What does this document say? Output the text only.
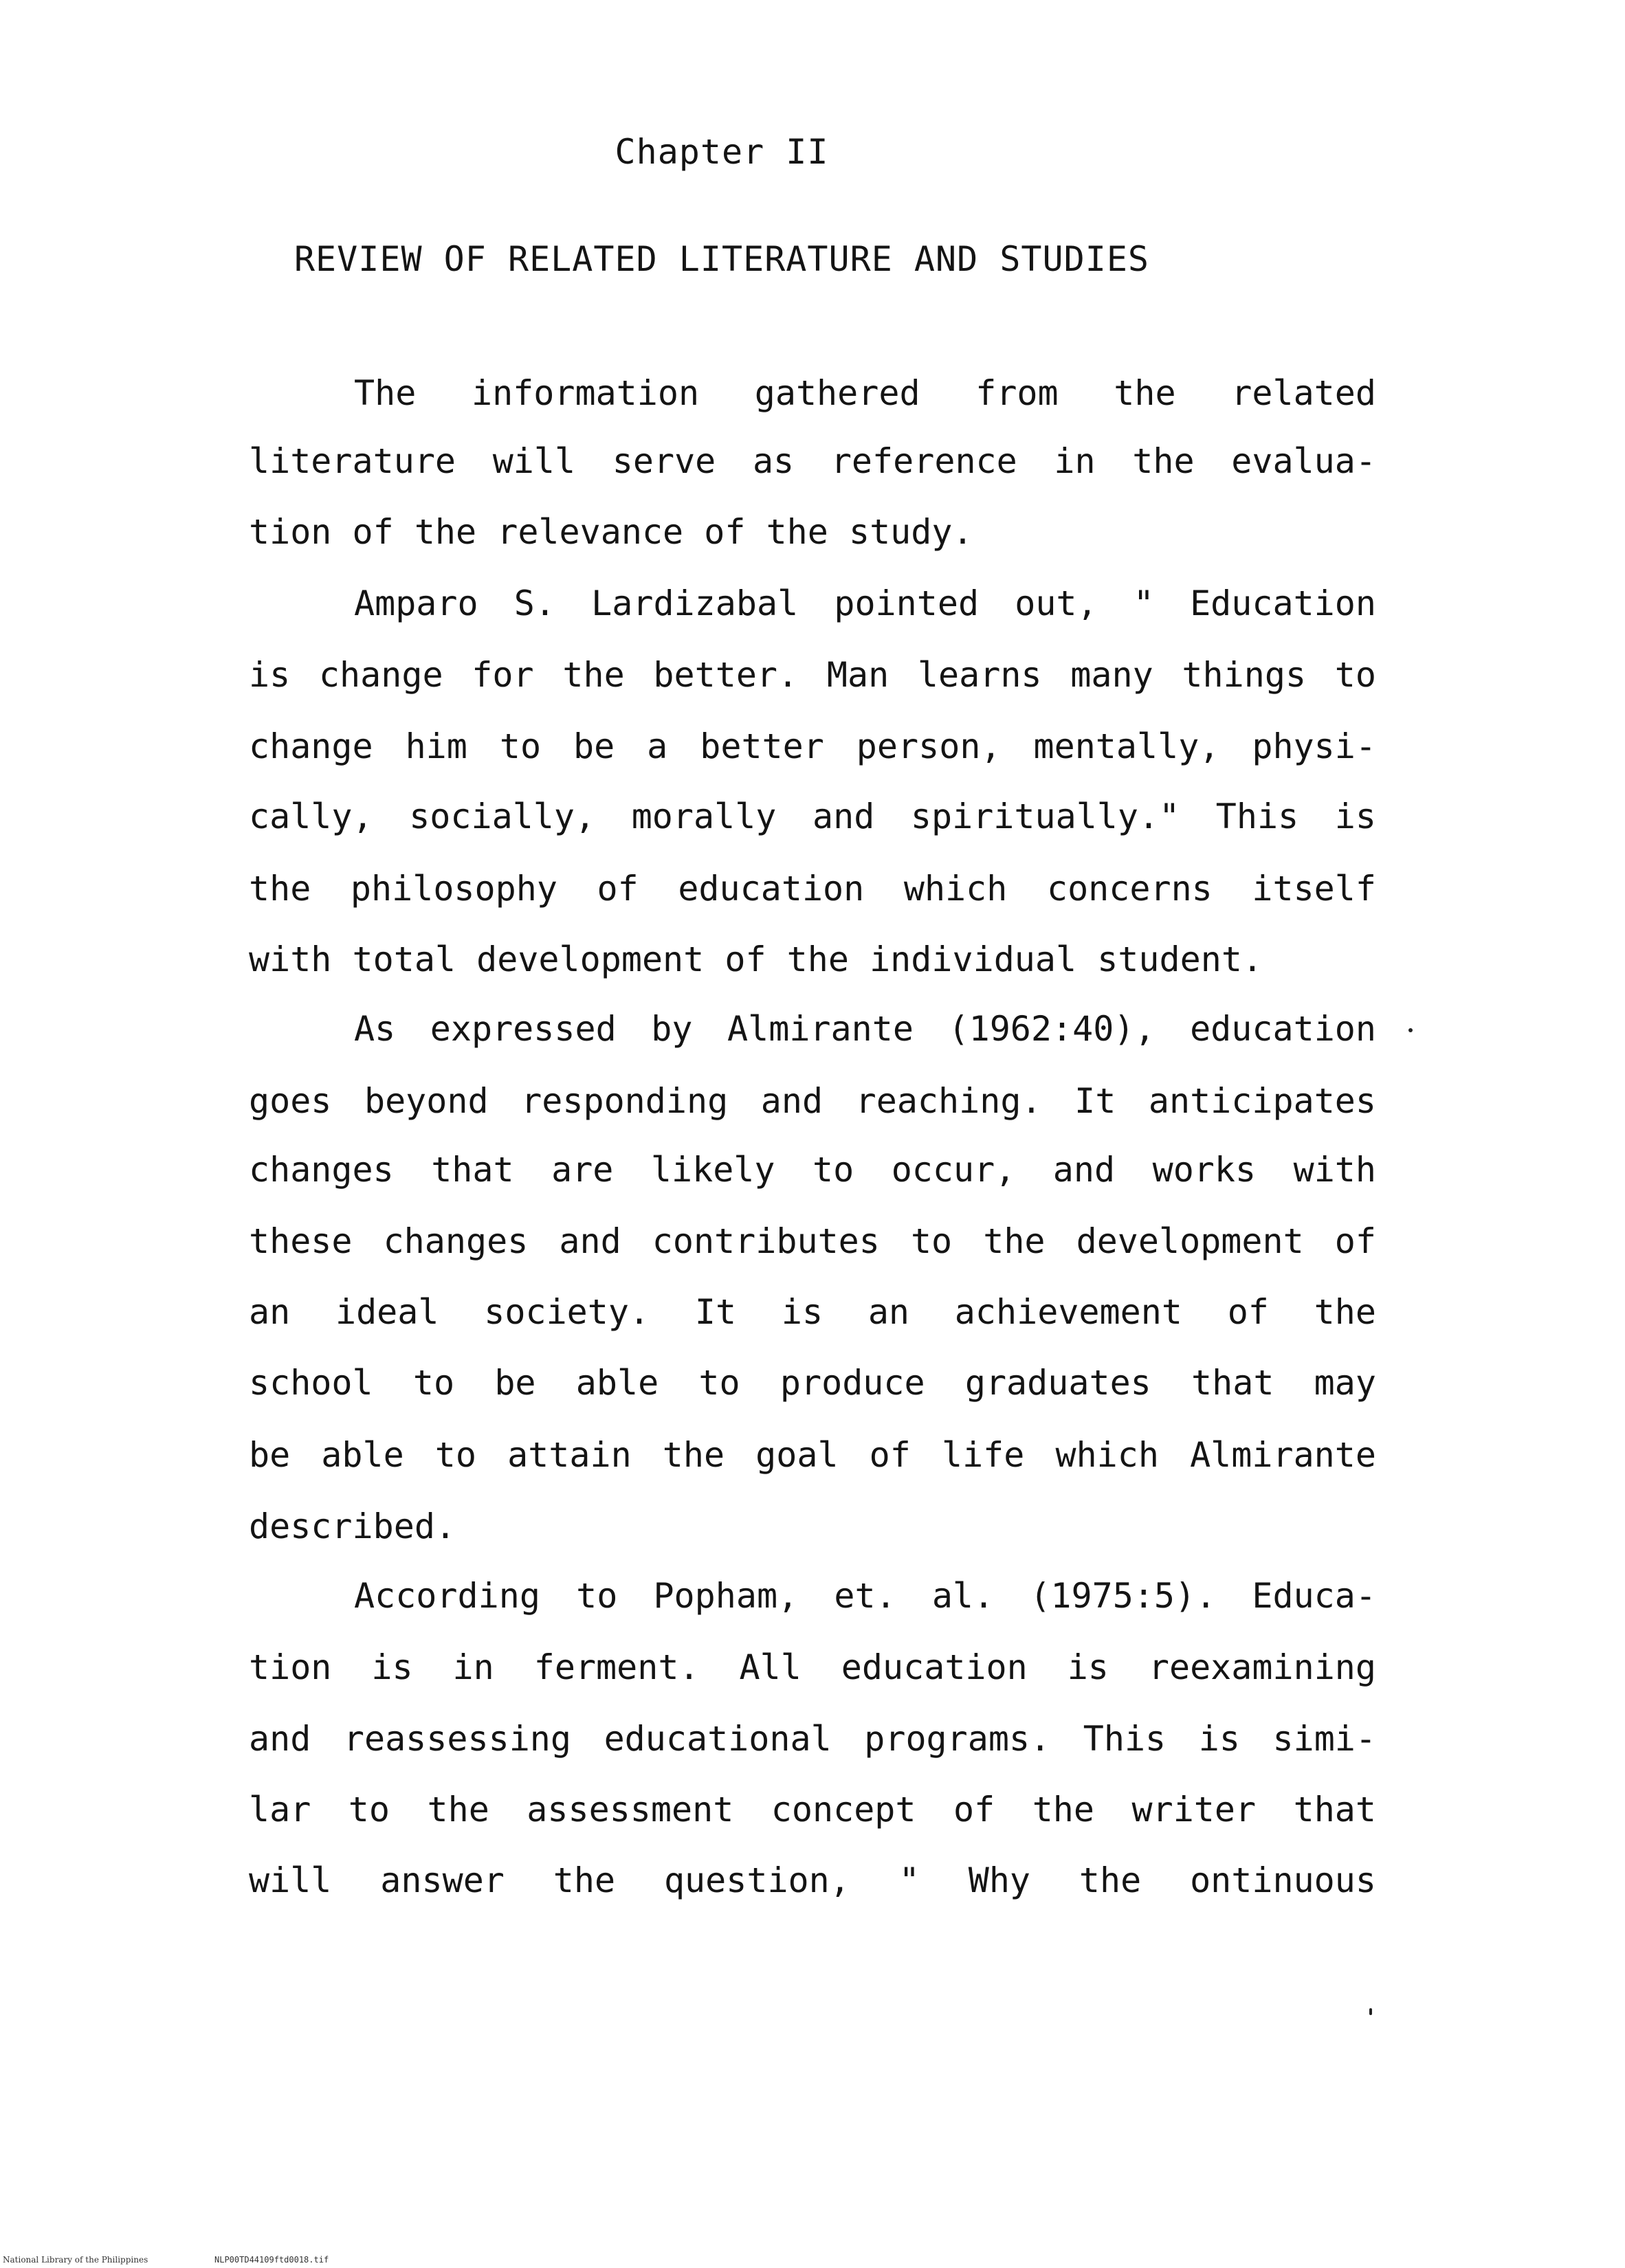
Chapter II
REVIEW OF RELATED LITERATURE AND STUDIES
The information gathered from the related
literature will serve as reference in the evalua-
tion of the relevance of the study.
Amparo S. Lardizabal pointed out, " Education
is change for the better. Man learns many things to
change him to be a better person, mentally, physi-
cally, socially, morally and spiritually." This is
the philosophy of education which concerns itself
with total development of the individual student.
As expressed by Almirante (1962:40), education
goes beyond responding and reaching. It anticipates
changes that are likely to occur, and works with
these changes and contributes to the development of
an ideal society. It is an achievement of the
school to be able to produce graduates that may
be able to attain the goal of life which Almirante
described.
According to Popham, et. al. (1975:5). Educa-
tion is in ferment. All education is reexamining
and reassessing educational programs. This is simi-
lar to the assessment concept of the writer that
will answer the question, " Why the ontinuous
National Library of the Philippines	NLP00TD44109ftd0018.tif
